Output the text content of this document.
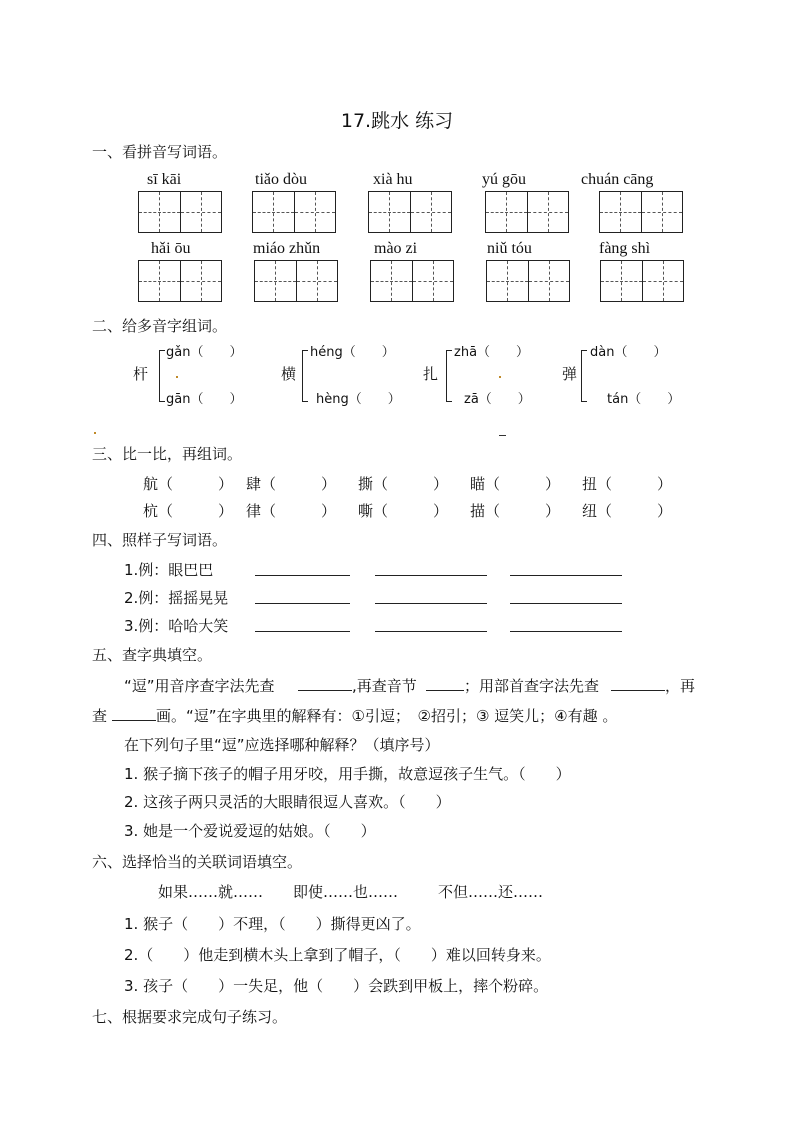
17.跳水 练习
一、看拼音写词语。
sī kāi	tiǎo dòu	xià hu	yú gōu	chuán cāng
hǎi ōu	miáo zhǔn	mào zi	niǔ tóu	fàng shì
二、给多音字组词。
杆
gǎn（　　）
gān（　　）
横
héng（　　）
hèng（　　）
扎
zhā（　　）
zā（　　）
弹
dàn（　　）
tán（　　）
三、比一比，再组词。
航（　　　） 肆（　　　） 撕（　　　） 瞄（　　　） 扭（　　　）
杭（　　　） 律（　　　） 嘶（　　　） 描（　　　） 纽（　　　）
四、照样子写词语。
1.例：眼巴巴
2.例：摇摇晃晃
3.例：哈哈大笑
五、查字典填空。
“逗”用音序查字法先查	,再查音节	；用部首查字法先查	，再
查	画。“逗”在字典里的解释有：①引逗；　②招引；③ 逗笑儿；④有趣 。
在下列句子里“逗”应选择哪种解释？（填序号）
1. 猴子摘下孩子的帽子用牙咬，用手撕，故意逗孩子生气。（　　）
2. 这孩子两只灵活的大眼睛很逗人喜欢。（　　）
3. 她是一个爱说爱逗的姑娘。（　　）
六、选择恰当的关联词语填空。
如果……就…… 即使……也……	不但……还……
1. 猴子（　　）不理，（　　）撕得更凶了。
2.（　　）他走到横木头上拿到了帽子，（　　）难以回转身来。
3. 孩子（　　）一失足，他（　　）会跌到甲板上，摔个粉碎。
七、根据要求完成句子练习。
